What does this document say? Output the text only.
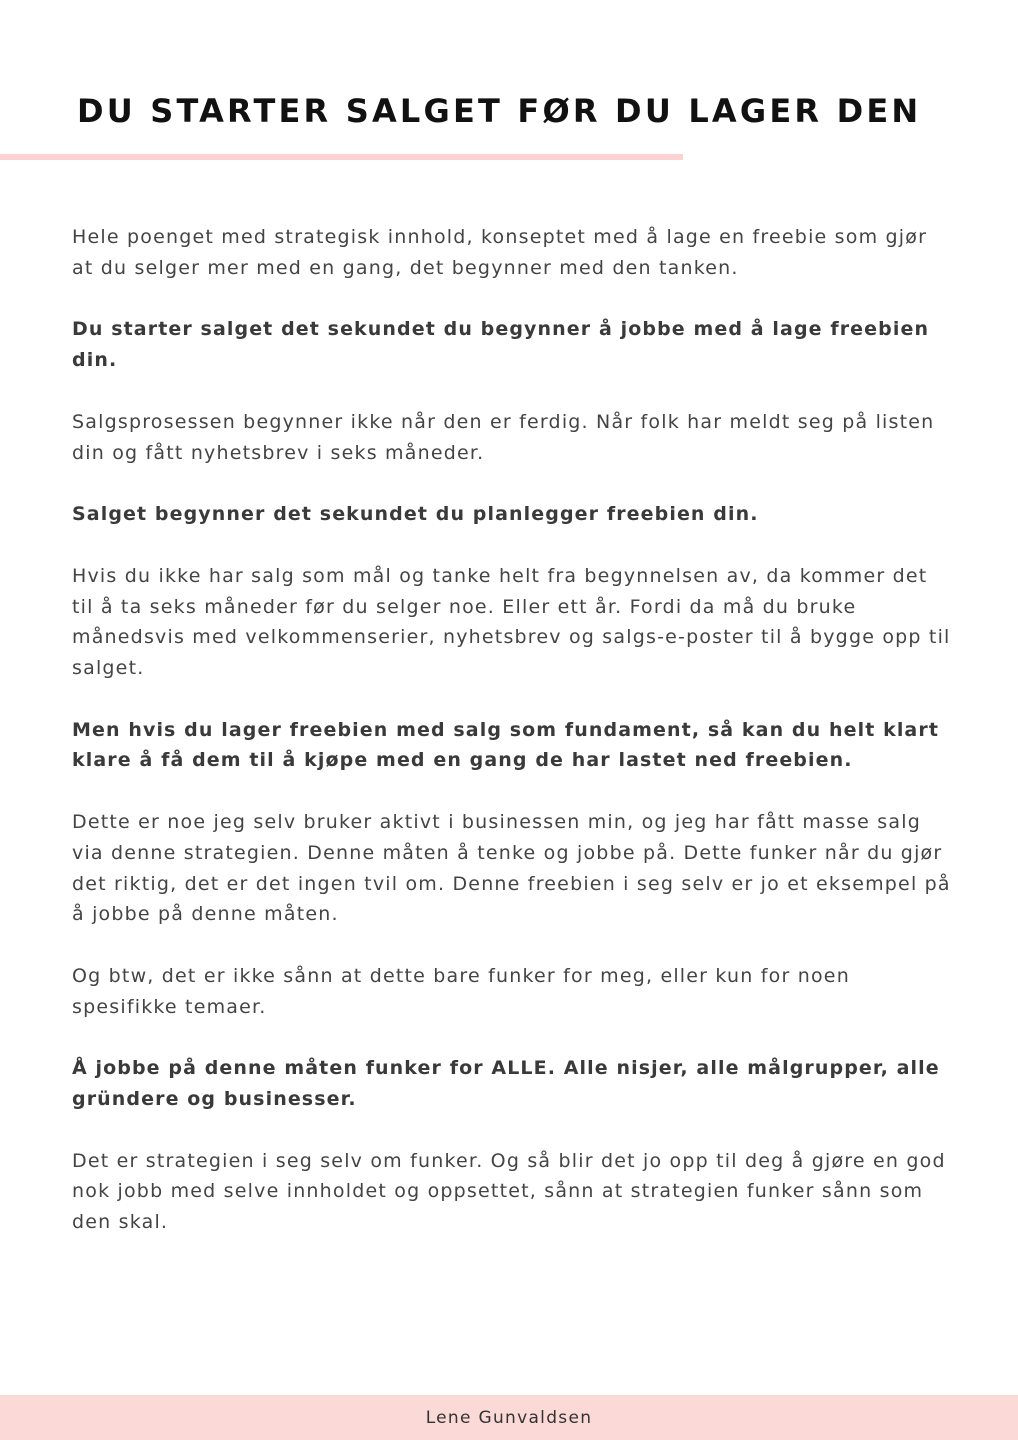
DU STARTER SALGET FØR DU LAGER DEN

Hele poenget med strategisk innhold, konseptet med å lage en freebie som gjør at du selger mer med en gang, det begynner med den tanken.

Du starter salget det sekundet du begynner å jobbe med å lage freebien din.

Salgsprosessen begynner ikke når den er ferdig. Når folk har meldt seg på listen din og fått nyhetsbrev i seks måneder.

Salget begynner det sekundet du planlegger freebien din.

Hvis du ikke har salg som mål og tanke helt fra begynnelsen av, da kommer det til å ta seks måneder før du selger noe. Eller ett år. Fordi da må du bruke månedsvis med velkommenserier, nyhetsbrev og salgs-e-poster til å bygge opp til salget.

Men hvis du lager freebien med salg som fundament, så kan du helt klart klare å få dem til å kjøpe med en gang de har lastet ned freebien.

Dette er noe jeg selv bruker aktivt i businessen min, og jeg har fått masse salg via denne strategien. Denne måten å tenke og jobbe på. Dette funker når du gjør det riktig, det er det ingen tvil om. Denne freebien i seg selv er jo et eksempel på å jobbe på denne måten.

Og btw, det er ikke sånn at dette bare funker for meg, eller kun for noen spesifikke temaer.

Å jobbe på denne måten funker for ALLE. Alle nisjer, alle målgrupper, alle gründere og businesser.

Det er strategien i seg selv om funker. Og så blir det jo opp til deg å gjøre en god nok jobb med selve innholdet og oppsettet, sånn at strategien funker sånn som den skal.

Lene Gunvaldsen
